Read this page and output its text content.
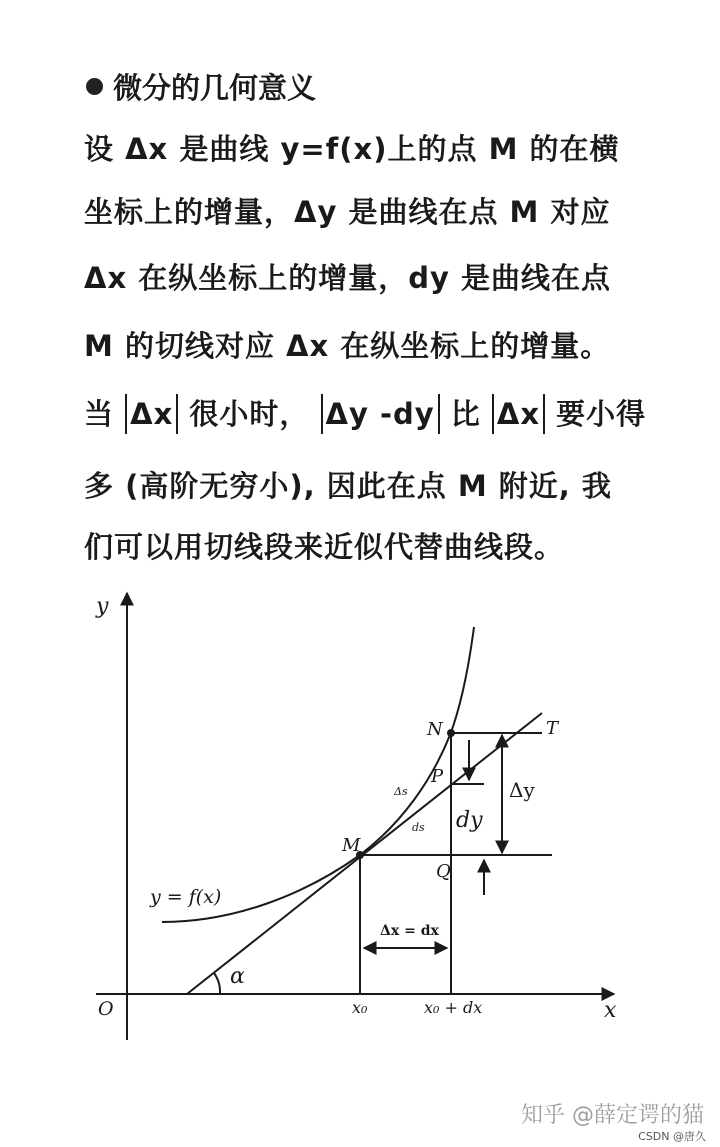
微分的几何意义
设 Δx 是曲线 y=f(x)上的点 M 的在横
坐标上的增量，Δy 是曲线在点 M 对应
Δx 在纵坐标上的增量，dy 是曲线在点
M 的切线对应 Δx 在纵坐标上的增量。
当 Δx 很小时， Δy -dy 比 Δx 要小得
多 (高阶无穷小), 因此在点 M 附近, 我
们可以用切线段来近似代替曲线段。
y
x
O
N	T
P
M
Q
Δs
ds dy
Δy
y = f(x)
α
Δx = dx
x₀	x₀ + dx
知乎 @薛定谔的猫
CSDN @唐久
